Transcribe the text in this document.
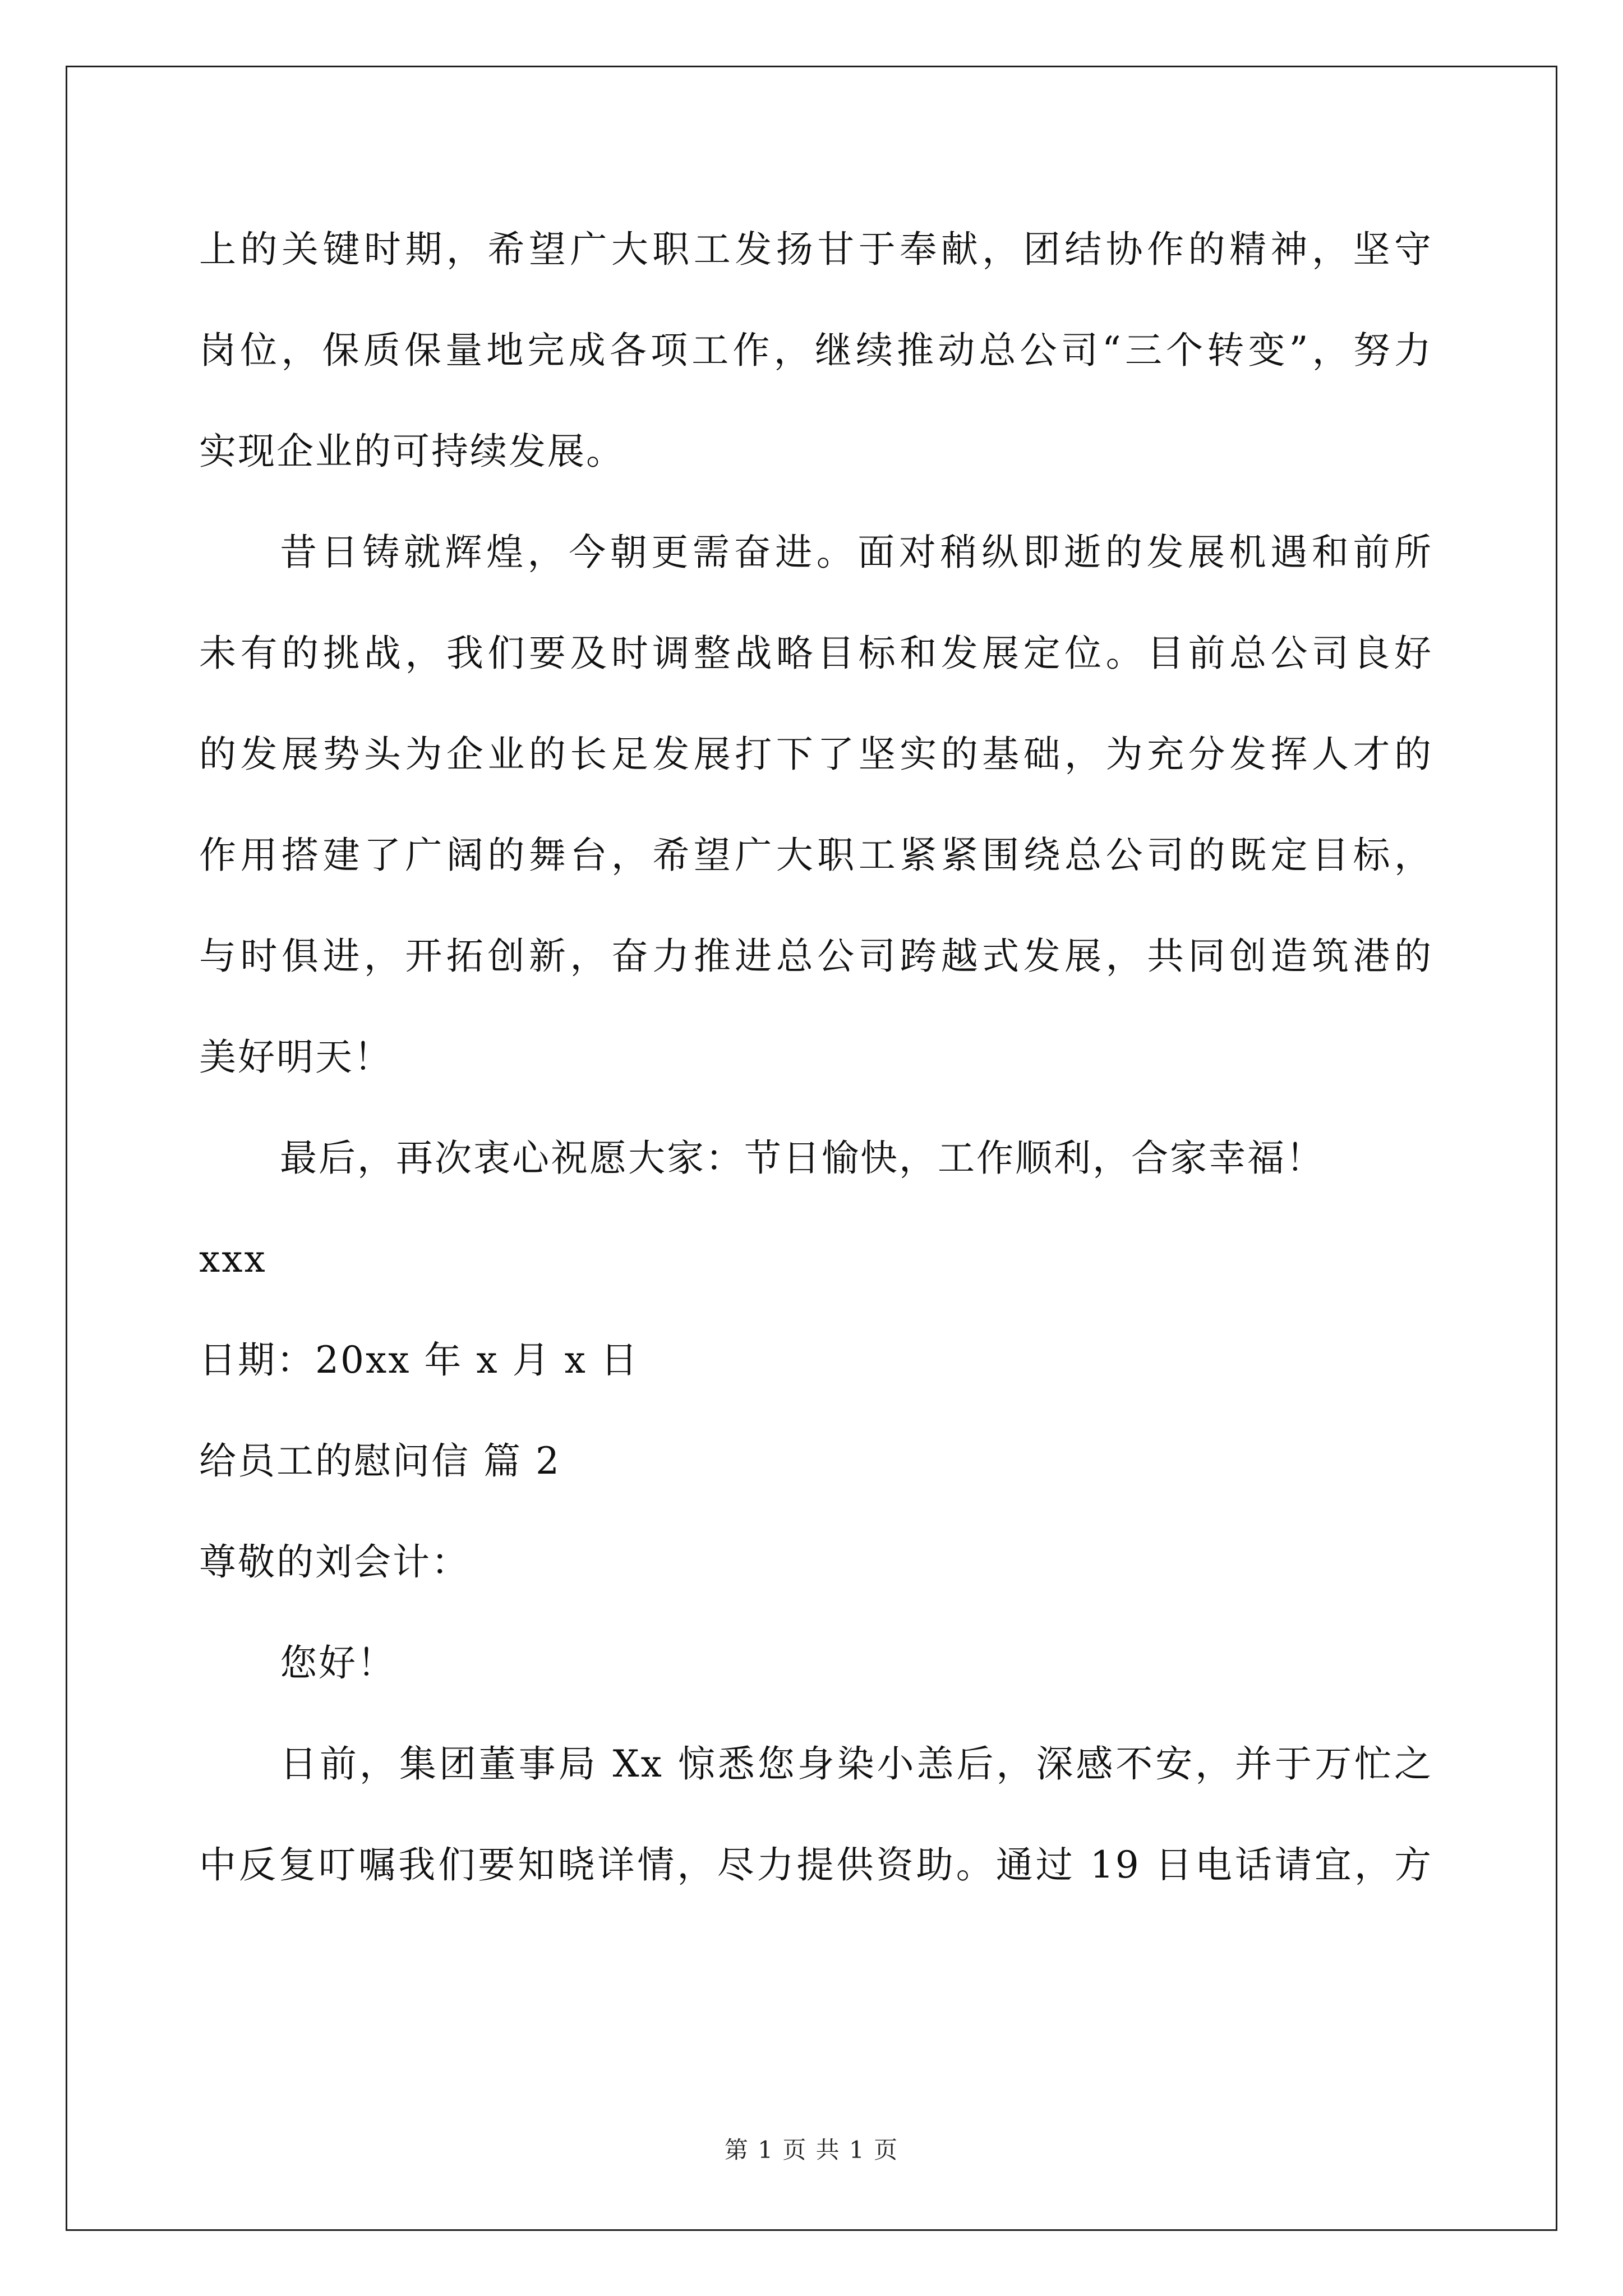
上的关键时期，希望广大职工发扬甘于奉献，团结协作的精神，坚守
岗位，保质保量地完成各项工作，继续推动总公司“三个转变”，努力
实现企业的可持续发展。
昔日铸就辉煌，今朝更需奋进。面对稍纵即逝的发展机遇和前所
未有的挑战，我们要及时调整战略目标和发展定位。目前总公司良好
的发展势头为企业的长足发展打下了坚实的基础，为充分发挥人才的
作用搭建了广阔的舞台，希望广大职工紧紧围绕总公司的既定目标，
与时俱进，开拓创新，奋力推进总公司跨越式发展，共同创造筑港的
美好明天！
最后，再次衷心祝愿大家：节日愉快，工作顺利，合家幸福！
xxx
日期：20xx 年 x 月 x 日
给员工的慰问信 篇 2
尊敬的刘会计：
您好！
日前，集团董事局 Xx 惊悉您身染小恙后，深感不安，并于万忙之
中反复叮嘱我们要知晓详情，尽力提供资助。通过 19 日电话请宜，方
第 1 页 共 1 页
